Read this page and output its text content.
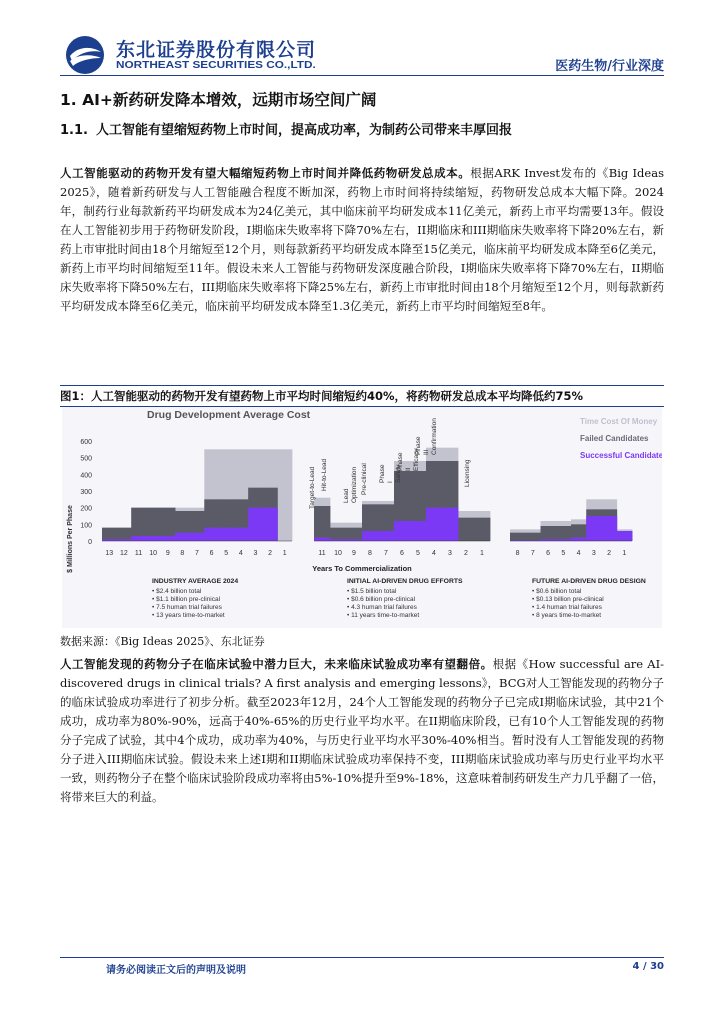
东北证券股份有限公司
NORTHEAST SECURITIES CO.,LTD.	医药生物/行业深度
1. AI+新药研发降本增效，远期市场空间广阔
1.1. 人工智能有望缩短药物上市时间，提高成功率，为制药公司带来丰厚回报
人工智能驱动的药物开发有望大幅缩短药物上市时间并降低药物研发总成本。根据ARK Invest发布的《Big Ideas 2025》，随着新药研发与人工智能融合程度不断加深，药物上市时间将持续缩短，药物研发总成本大幅下降。2024年，制药行业每款新药平均研发成本为24亿美元，其中临床前平均研发成本11亿美元，新药上市平均需要13年。假设在人工智能初步用于药物研发阶段，I期临床失败率将下降70%左右，II期临床和III期临床失败率将下降20%左右，新药上市审批时间由18个月缩短至12个月，则每款新药平均研发成本降至15亿美元，临床前平均研发成本降至6亿美元，新药上市平均时间缩短至11年。假设未来人工智能与药物研发深度融合阶段，I期临床失败率将下降70%左右，II期临床失败率将下降50%左右，III期临床失败率将下降25%左右，新药上市审批时间由18个月缩短至12个月，则每款新药平均研发成本降至6亿美元，临床前平均研发成本降至1.3亿美元，新药上市平均时间缩短至8年。
图1：人工智能驱动的药物开发有望药物上市平均时间缩短约40%，将药物研发总成本平均降低约75%
Drug Development Average Cost
$ Millions Per Phase	Years To Commercialization
Time Cost Of Money
Failed Candidates
Successful Candidates
0
100
200
300
400
500
600
13 12 11 10 9 8 7 6 5 4 3 2 1	11 10 9 8 7 6 5 4 3 2 1	8 7 6 5 4 3 2 1
Target-to-Lead Hit-to-Lead
Lead Optimization Pre-clinical Phase I Safety
Phase II Efficacy
Phase III Confirmation
Licensing
INDUSTRY AVERAGE 2024
• $2.4 billion total
• $1.1 billion pre-clinical
• 7.5 human trial failures
• 13 years time-to-market
INITIAL AI-DRIVEN DRUG EFFORTS
• $1.5 billion total
• $0.6 billion pre-clinical
• 4.3 human trial failures
• 11 years time-to-market
FUTURE AI-DRIVEN DRUG DESIGN
• $0.6 billion total
• $0.13 billion pre-clinical
• 1.4 human trial failures
• 8 years time-to-market
数据来源：《Big Ideas 2025》、东北证券
人工智能发现的药物分子在临床试验中潜力巨大，未来临床试验成功率有望翻倍。根据《How successful are AI-discovered drugs in clinical trials? A first analysis and emerging lessons》，BCG对人工智能发现的药物分子的临床试验成功率进行了初步分析。截至2023年12月，24个人工智能发现的药物分子已完成I期临床试验，其中21个成功，成功率为80%-90%，远高于40%-65%的历史行业平均水平。在II期临床阶段，已有10个人工智能发现的药物分子完成了试验，其中4个成功，成功率为40%，与历史行业平均水平30%-40%相当。暂时没有人工智能发现的药物分子进入III期临床试验。假设未来上述I期和II期临床试验成功率保持不变，III期临床试验成功率与历史行业平均水平一致，则药物分子在整个临床试验阶段成功率将由5%-10%提升至9%-18%，这意味着制药研发生产力几乎翻了一倍，将带来巨大的利益。
请务必阅读正文后的声明及说明	4 / 30
